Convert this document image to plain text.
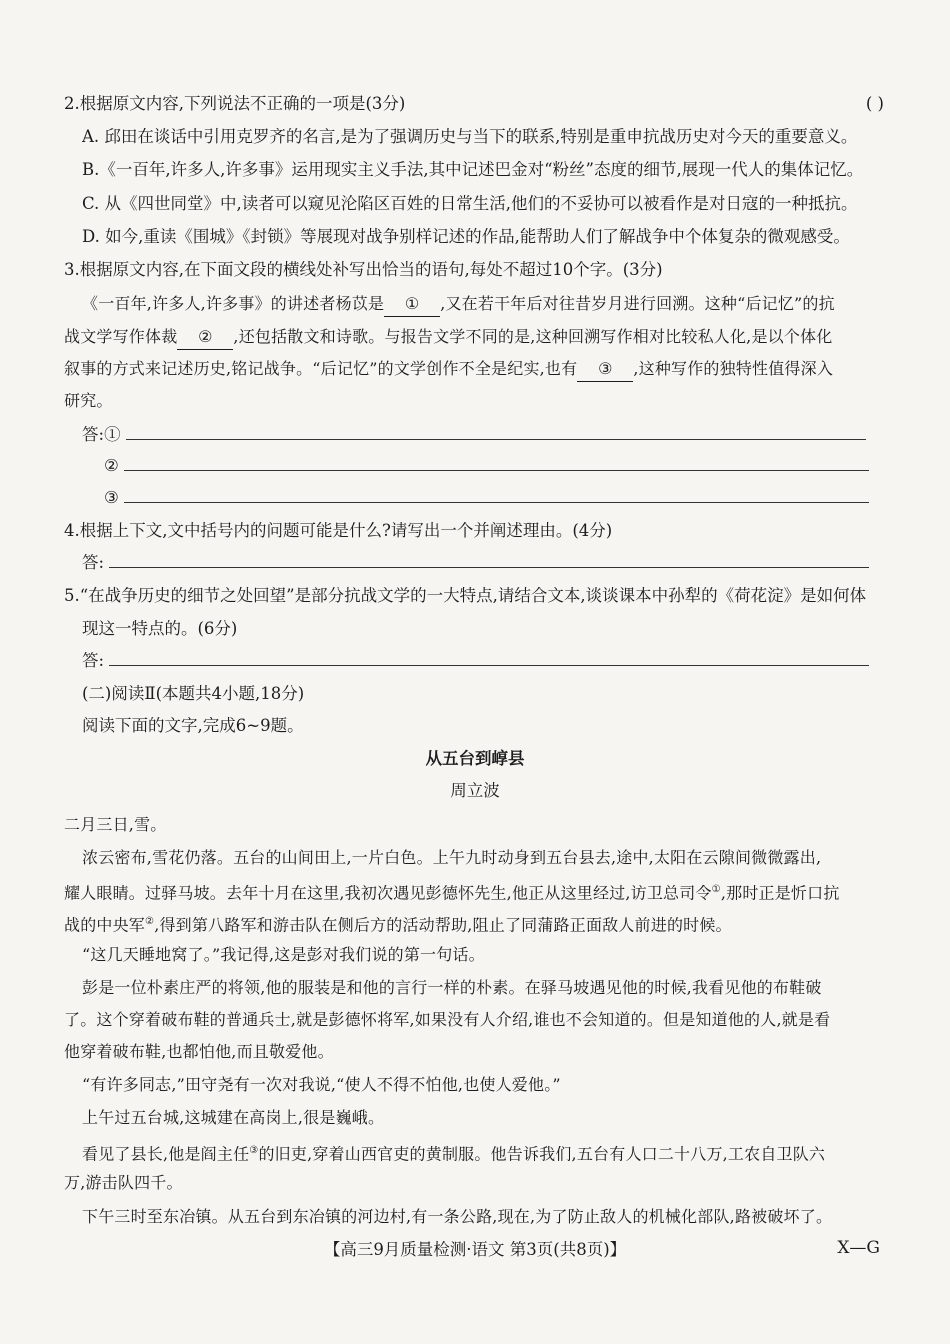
2.根据原文内容,下列说法不正确的一项是(3分)	( )
A. 邱田在谈话中引用克罗齐的名言,是为了强调历史与当下的联系,特别是重申抗战历史对今天的重要意义。
B.《一百年,许多人,许多事》运用现实主义手法,其中记述巴金对“粉丝”态度的细节,展现一代人的集体记忆。
C. 从《四世同堂》中,读者可以窥见沦陷区百姓的日常生活,他们的不妥协可以被看作是对日寇的一种抵抗。
D. 如今,重读《围城》《封锁》等展现对战争别样记述的作品,能帮助人们了解战争中个体复杂的微观感受。
3.根据原文内容,在下面文段的横线处补写出恰当的语句,每处不超过10个字。(3分)
《一百年,许多人,许多事》的讲述者杨苡是 ① ,又在若干年后对往昔岁月进行回溯。这种“后记忆”的抗
战文学写作体裁 ② ,还包括散文和诗歌。与报告文学不同的是,这种回溯写作相对比较私人化,是以个体化
叙事的方式来记述历史,铭记战争。“后记忆”的文学创作不全是纪实,也有 ③ ,这种写作的独特性值得深入
研究。
答:①
②
③
4.根据上下文,文中括号内的问题可能是什么?请写出一个并阐述理由。(4分)
答:
5.“在战争历史的细节之处回望”是部分抗战文学的一大特点,请结合文本,谈谈课本中孙犁的《荷花淀》是如何体
现这一特点的。(6分)
答:
(二)阅读Ⅱ(本题共4小题,18分)
阅读下面的文字,完成6~9题。
从五台到崞县
周立波
二月三日,雪。
浓云密布,雪花仍落。五台的山间田上,一片白色。上午九时动身到五台县去,途中,太阳在云隙间微微露出,
耀人眼睛。过驿马坡。去年十月在这里,我初次遇见彭德怀先生,他正从这里经过,访卫总司令①,那时正是忻口抗
战的中央军②,得到第八路军和游击队在侧后方的活动帮助,阻止了同蒲路正面敌人前进的时候。
“这几天睡地窝了。”我记得,这是彭对我们说的第一句话。
彭是一位朴素庄严的将领,他的服装是和他的言行一样的朴素。在驿马坡遇见他的时候,我看见他的布鞋破
了。这个穿着破布鞋的普通兵士,就是彭德怀将军,如果没有人介绍,谁也不会知道的。但是知道他的人,就是看
他穿着破布鞋,也都怕他,而且敬爱他。
“有许多同志,”田守尧有一次对我说,“使人不得不怕他,也使人爱他。”
上午过五台城,这城建在高岗上,很是巍峨。
看见了县长,他是阎主任③的旧吏,穿着山西官吏的黄制服。他告诉我们,五台有人口二十八万,工农自卫队六
万,游击队四千。
下午三时至东冶镇。从五台到东冶镇的河边村,有一条公路,现在,为了防止敌人的机械化部队,路被破坏了。
【高三9月质量检测·语文 第3页(共8页)】	X—G
